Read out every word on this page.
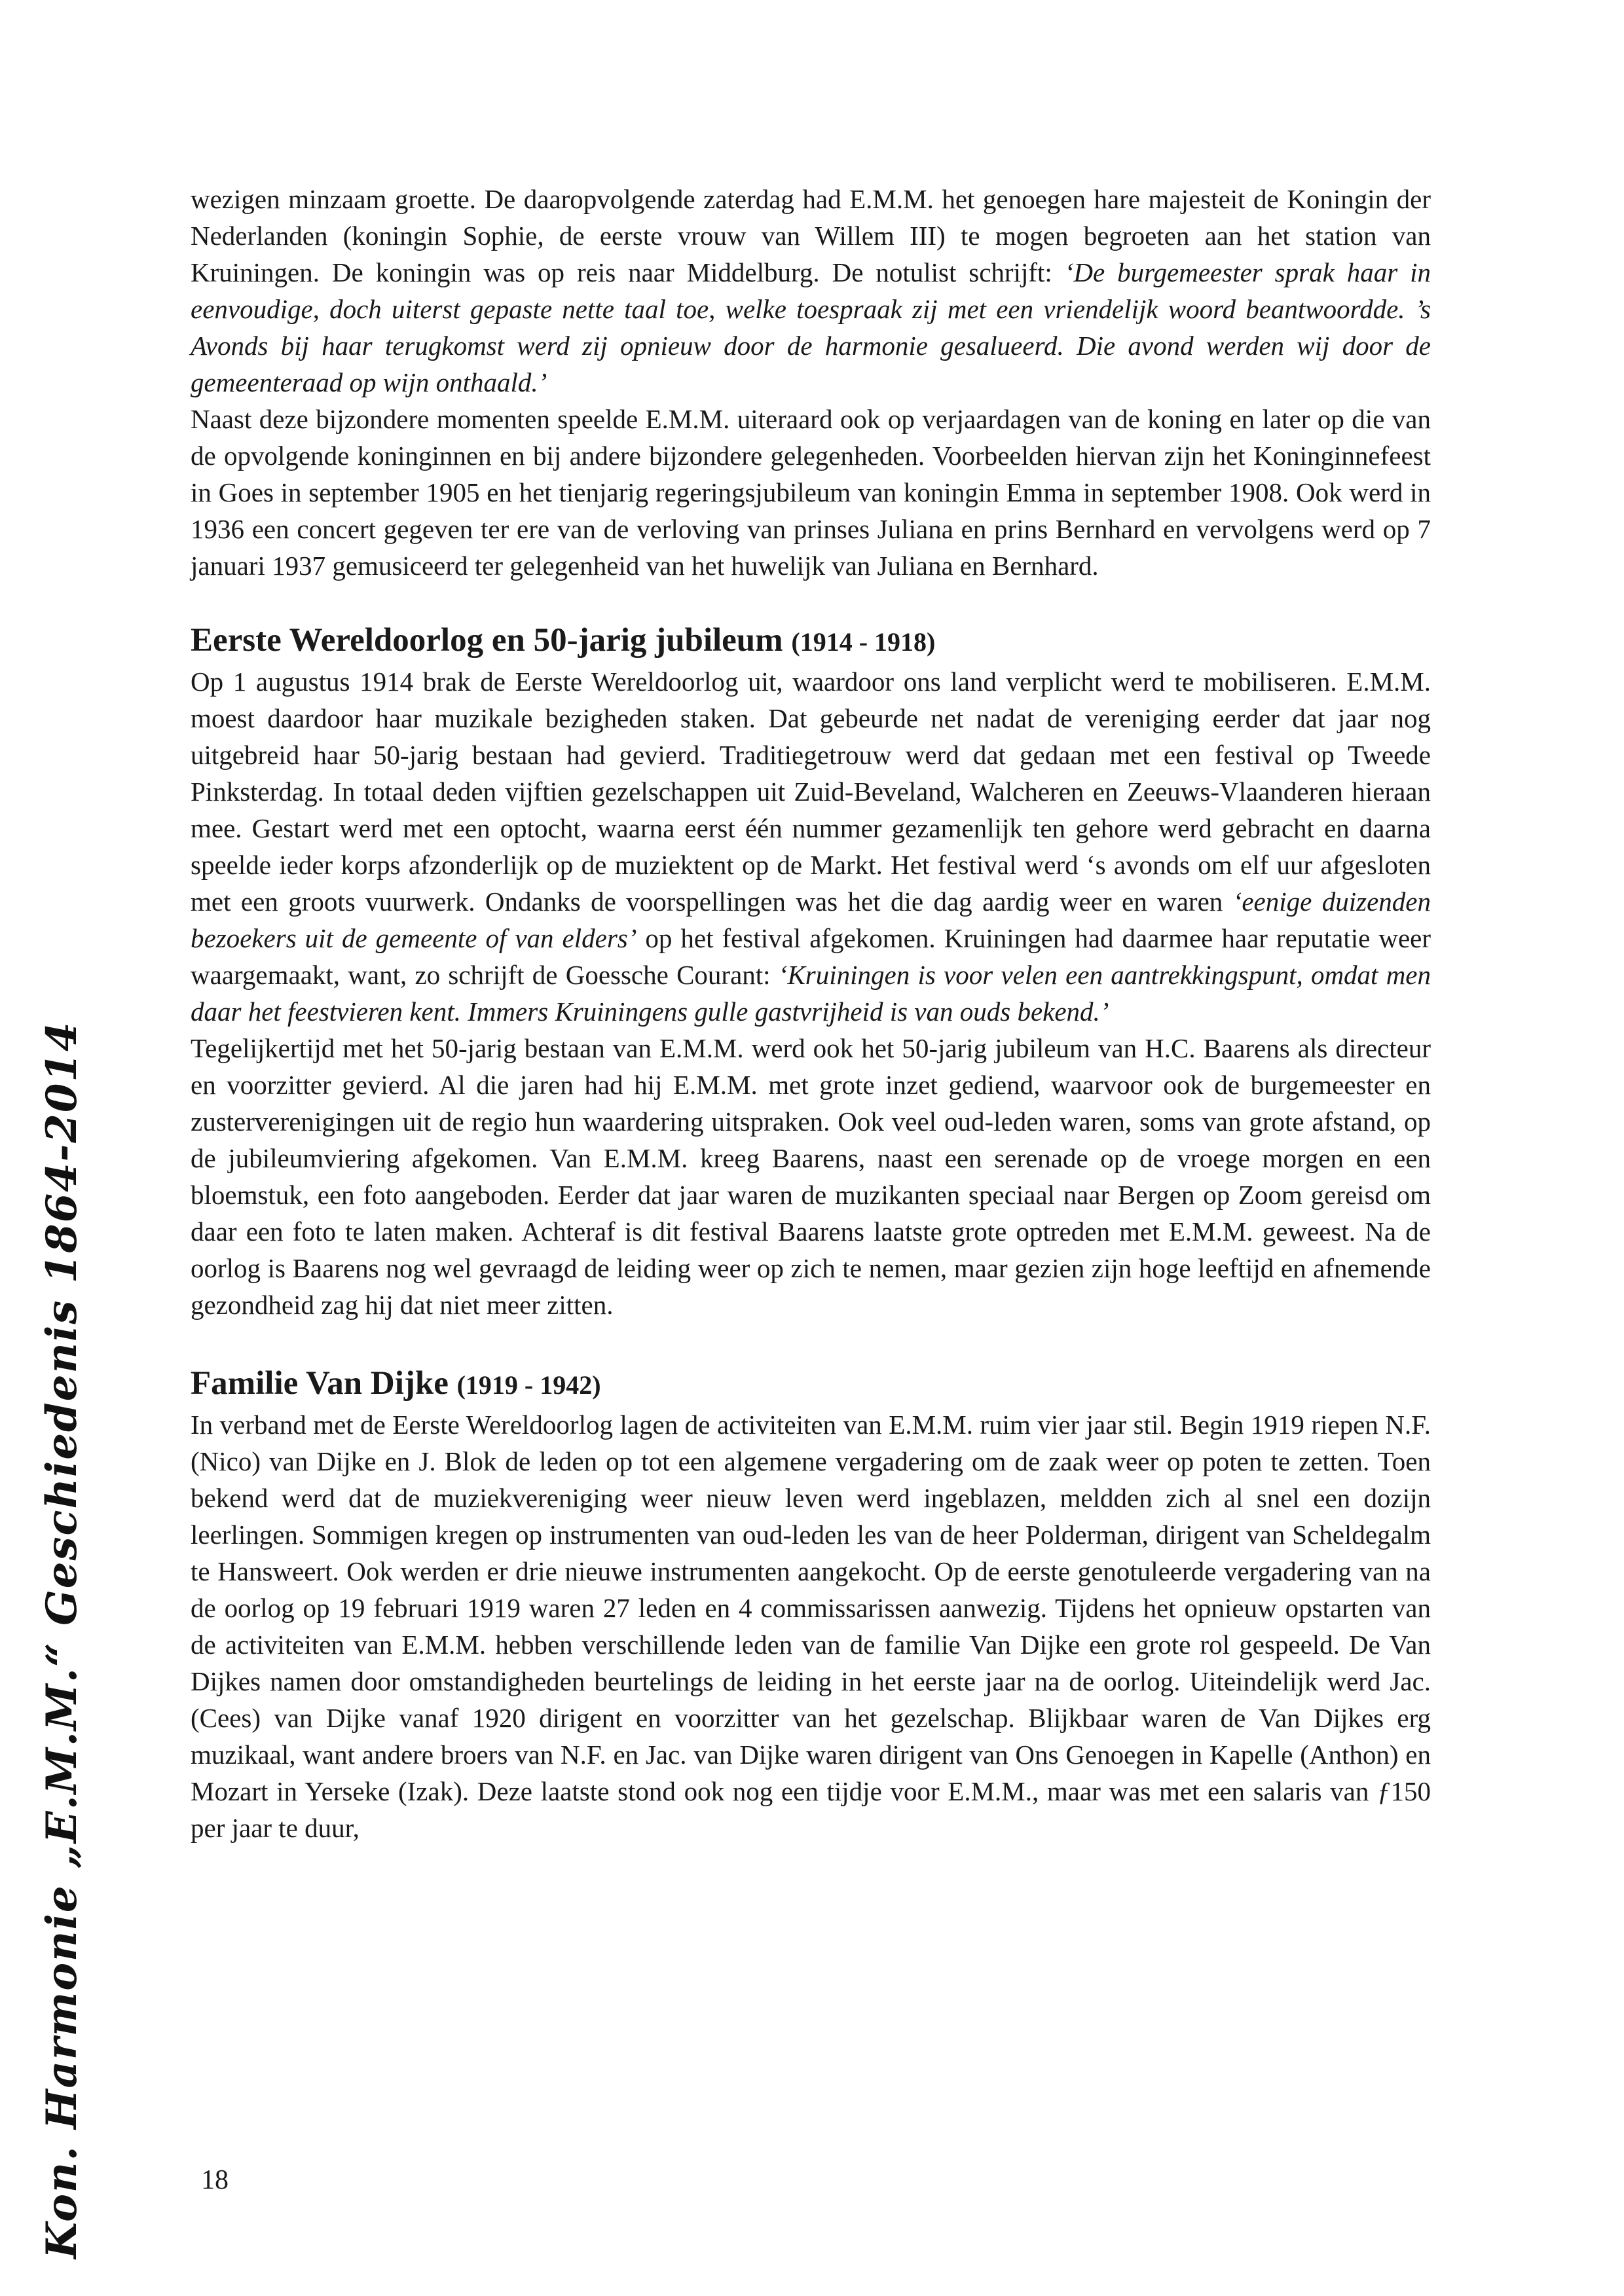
Kon. Harmonie „E.M.M.“ Geschiedenis 1864-2014

wezigen minzaam groette. De daaropvolgende zaterdag had E.M.M. het genoegen hare majesteit de Koningin der Nederlanden (koningin Sophie, de eerste vrouw van Willem III) te mogen begroeten aan het station van Kruiningen. De koningin was op reis naar Middelburg. De notulist schrijft: ‘De burgemeester sprak haar in eenvoudige, doch uiterst gepaste nette taal toe, welke toespraak zij met een vriendelijk woord beantwoordde. ’s Avonds bij haar terugkomst werd zij opnieuw door de harmonie gesalueerd. Die avond werden wij door de gemeenteraad op wijn onthaald.’

Naast deze bijzondere momenten speelde E.M.M. uiteraard ook op verjaardagen van de koning en later op die van de opvolgende koninginnen en bij andere bijzondere gelegenheden. Voorbeelden hiervan zijn het Koninginnefeest in Goes in september 1905 en het tienjarig regeringsjubileum van koningin Emma in september 1908. Ook werd in 1936 een concert gegeven ter ere van de verloving van prinses Juliana en prins Bernhard en vervolgens werd op 7 januari 1937 gemusiceerd ter gelegenheid van het huwelijk van Juliana en Bernhard.

Eerste Wereldoorlog en 50-jarig jubileum (1914 - 1918)

Op 1 augustus 1914 brak de Eerste Wereldoorlog uit, waardoor ons land verplicht werd te mobiliseren. E.M.M. moest daardoor haar muzikale bezigheden staken. Dat gebeurde net nadat de vereniging eerder dat jaar nog uitgebreid haar 50-jarig bestaan had gevierd. Traditiegetrouw werd dat gedaan met een festival op Tweede Pinksterdag. In totaal deden vijftien gezelschappen uit Zuid-Beveland, Walcheren en Zeeuws-Vlaanderen hieraan mee. Gestart werd met een optocht, waarna eerst één nummer gezamenlijk ten gehore werd gebracht en daarna speelde ieder korps afzonderlijk op de muziektent op de Markt. Het festival werd ‘s avonds om elf uur afgesloten met een groots vuurwerk. Ondanks de voorspellingen was het die dag aardig weer en waren ‘eenige duizenden bezoekers uit de gemeente of van elders’ op het festival afgekomen. Kruiningen had daarmee haar reputatie weer waargemaakt, want, zo schrijft de Goessche Courant: ‘Kruiningen is voor velen een aantrekkingspunt, omdat men daar het feestvieren kent. Immers Kruiningens gulle gastvrijheid is van ouds bekend.’

Tegelijkertijd met het 50-jarig bestaan van E.M.M. werd ook het 50-jarig jubileum van H.C. Baarens als directeur en voorzitter gevierd. Al die jaren had hij E.M.M. met grote inzet gediend, waarvoor ook de burgemeester en zusterverenigingen uit de regio hun waardering uitspraken. Ook veel oud-leden waren, soms van grote afstand, op de jubileumviering afgekomen. Van E.M.M. kreeg Baarens, naast een serenade op de vroege morgen en een bloemstuk, een foto aangeboden. Eerder dat jaar waren de muzikanten speciaal naar Bergen op Zoom gereisd om daar een foto te laten maken. Achteraf is dit festival Baarens laatste grote optreden met E.M.M. geweest. Na de oorlog is Baarens nog wel gevraagd de leiding weer op zich te nemen, maar gezien zijn hoge leeftijd en afnemende gezondheid zag hij dat niet meer zitten.

Familie Van Dijke (1919 - 1942)

In verband met de Eerste Wereldoorlog lagen de activiteiten van E.M.M. ruim vier jaar stil. Begin 1919 riepen N.F. (Nico) van Dijke en J. Blok de leden op tot een algemene vergadering om de zaak weer op poten te zetten. Toen bekend werd dat de muziekvereniging weer nieuw leven werd ingeblazen, meldden zich al snel een dozijn leerlingen. Sommigen kregen op instrumenten van oud-leden les van de heer Polderman, dirigent van Scheldegalm te Hansweert. Ook werden er drie nieuwe instrumenten aangekocht. Op de eerste genotuleerde vergadering van na de oorlog op 19 februari 1919 waren 27 leden en 4 commissarissen aanwezig. Tijdens het opnieuw opstarten van de activiteiten van E.M.M. hebben verschillende leden van de familie Van Dijke een grote rol gespeeld. De Van Dijkes namen door omstandigheden beurtelings de leiding in het eerste jaar na de oorlog. Uiteindelijk werd Jac. (Cees) van Dijke vanaf 1920 dirigent en voorzitter van het gezelschap. Blijkbaar waren de Van Dijkes erg muzikaal, want andere broers van N.F. en Jac. van Dijke waren dirigent van Ons Genoegen in Kapelle (Anthon) en Mozart in Yerseke (Izak). Deze laatste stond ook nog een tijdje voor E.M.M., maar was met een salaris van ƒ150 per jaar te duur,

18
